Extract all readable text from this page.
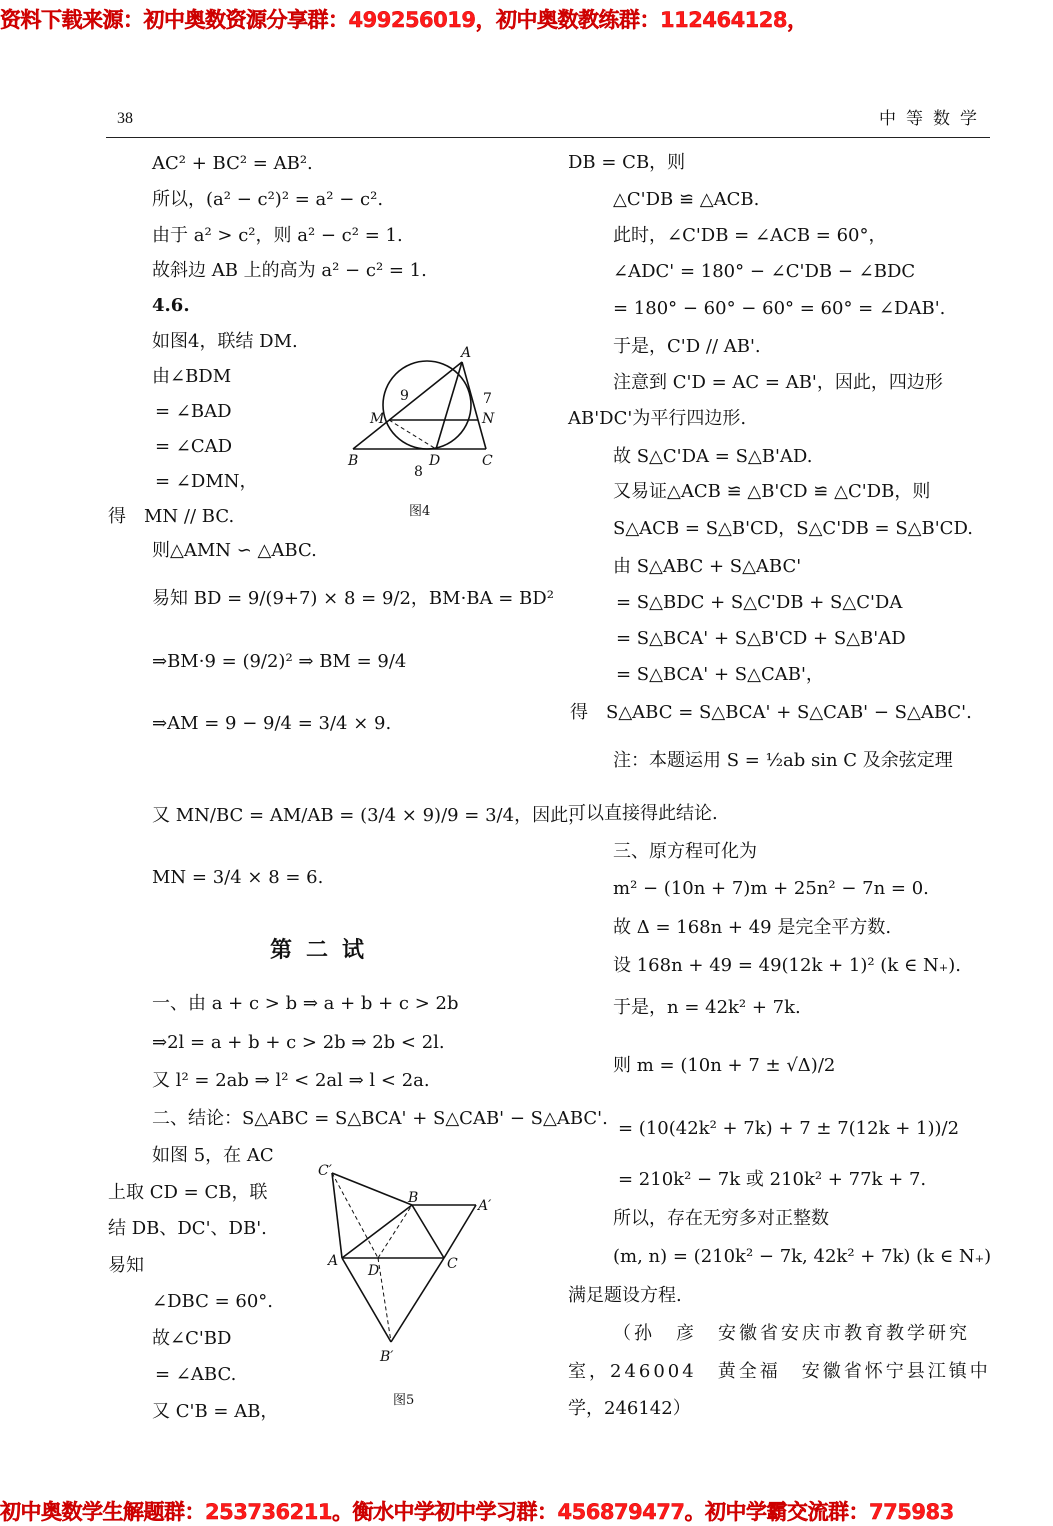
资料下载来源：初中奥数资源分享群：499256019，初中奥数教练群：112464128，
38	中等数学
AC² + BC² = AB².
所以，(a² − c²)² = a² − c².
由于 a² > c²，则 a² − c² = 1.
故斜边 AB 上的高为 a² − c² = 1.
4.6.
如图4，联结 DM.
由∠BDM
= ∠BAD
= ∠CAD
= ∠DMN，
得　MN // BC.
则△AMN ∽ △ABC.
易知 BD = 9/(9+7) × 8 = 9/2，BM·BA = BD²
⇒BM·9 = (9/2)² ⇒ BM = 9/4
⇒AM = 9 − 9/4 = 3/4 × 9.
又 MN/BC = AM/AB = (3/4 × 9)/9 = 3/4，因此，
MN = 3/4 × 8 = 6.
第二试
一、由 a + c > b ⇒ a + b + c > 2b
⇒2l = a + b + c > 2b ⇒ 2b < 2l.
又 l² = 2ab ⇒ l² < 2al ⇒ l < 2a.
二、结论：S△ABC = S△BCA' + S△CAB' − S△ABC'.
如图 5，在 AC
上取 CD = CB，联
结 DB、DC'、DB'.
易知
∠DBC = 60°.
故∠C'BD
= ∠ABC.
又 C'B = AB，
DB = CB，则
△C'DB ≌ △ACB.
此时，∠C'DB = ∠ACB = 60°，
∠ADC' = 180° − ∠C'DB − ∠BDC
= 180° − 60° − 60° = 60° = ∠DAB'.
于是，C'D // AB'.
注意到 C'D = AC = AB'，因此，四边形
AB'DC'为平行四边形.
故 S△C'DA = S△B'AD.
又易证△ACB ≌ △B'CD ≌ △C'DB，则
S△ACB = S△B'CD，S△C'DB = S△B'CD.
由 S△ABC + S△ABC'
= S△BDC + S△C'DB + S△C'DA
= S△BCA' + S△B'CD + S△B'AD
= S△BCA' + S△CAB'，
得　S△ABC = S△BCA' + S△CAB' − S△ABC'.
注：本题运用 S = ½ab sin C 及余弦定理
可以直接得此结论.
三、原方程可化为
m² − (10n + 7)m + 25n² − 7n = 0.
故 Δ = 168n + 49 是完全平方数.
设 168n + 49 = 49(12k + 1)² (k ∈ N₊).
于是，n = 42k² + 7k.
则 m = (10n + 7 ± √Δ)/2
= (10(42k² + 7k) + 7 ± 7(12k + 1))/2
= 210k² − 7k 或 210k² + 77k + 7.
所以，存在无穷多对正整数
(m, n) = (210k² − 7k, 42k² + 7k) (k ∈ N₊)
满足题设方程.
（孙　彦　安徽省安庆市教育教学研究
室，246004　黄全福　安徽省怀宁县江镇中
学，246142）
A
M	N
B	D	C
9	7
8
图4
C′
B	A′
A
D	C
B′
图5
初中奥数学生解题群：253736211。衡水中学初中学习群：456879477。初中学霸交流群：775983
